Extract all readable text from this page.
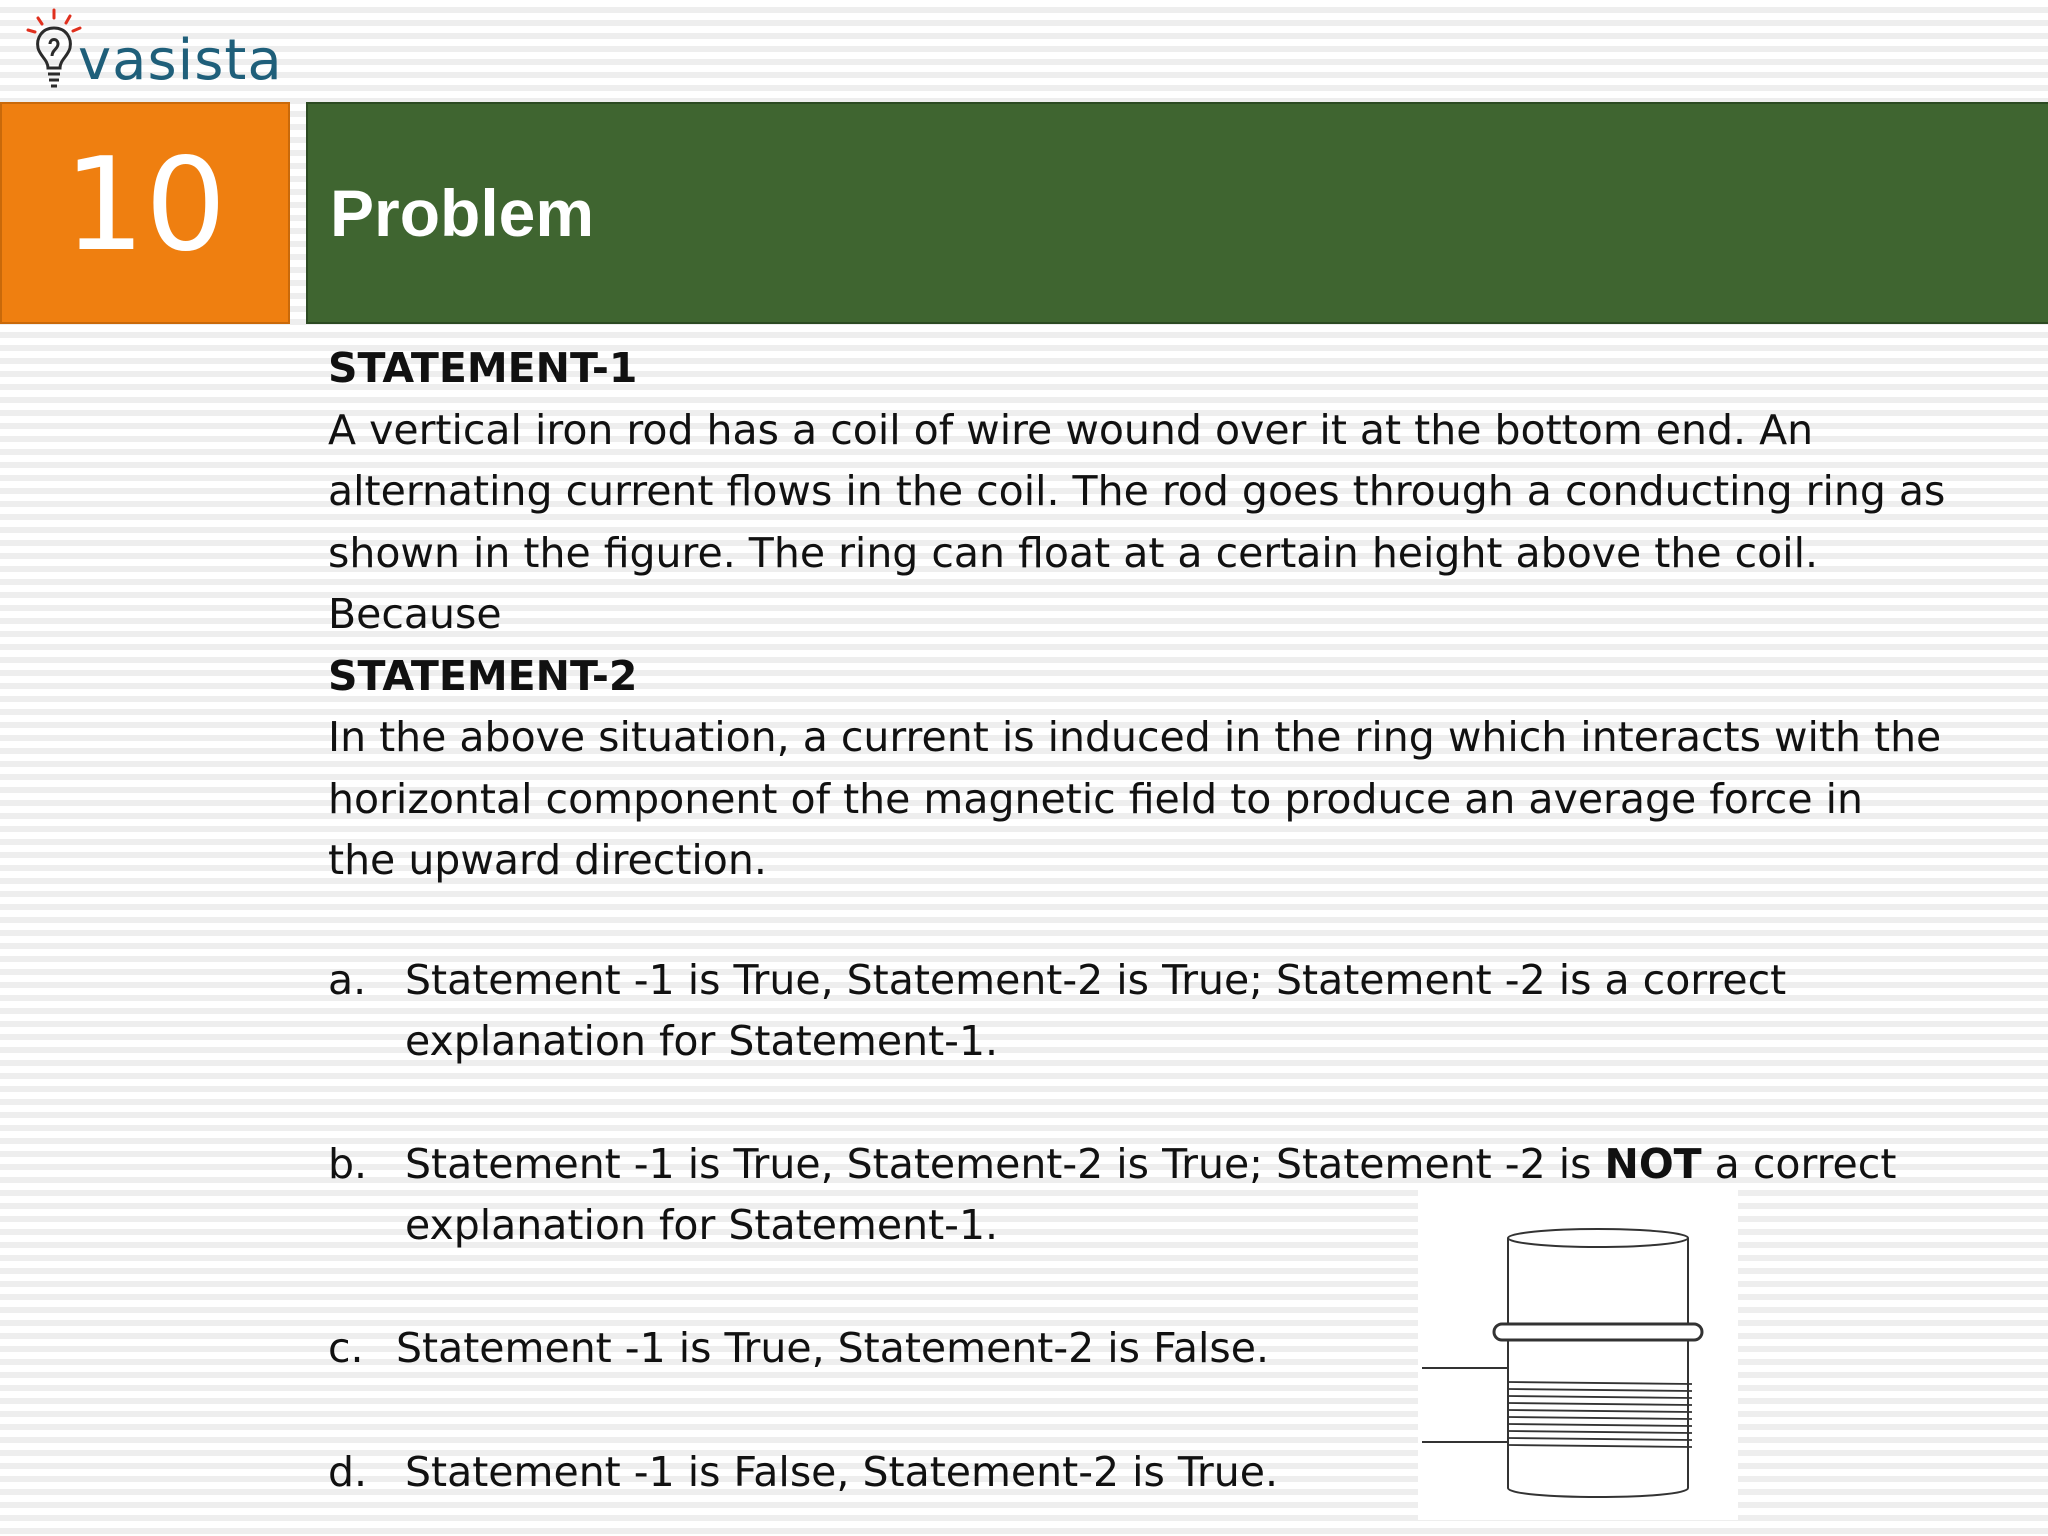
vasista
10	Problem

STATEMENT-1

A vertical iron rod has a coil of wire wound over it at the bottom end. An

alternating current flows in the coil. The rod goes through a conducting ring as

shown in the figure. The ring can float at a certain height above the coil.

Because

STATEMENT-2

In the above situation, a current is induced in the ring which interacts with the

horizontal component of the magnetic field to produce an average force in

the upward direction.

a. Statement -1 is True, Statement-2 is True; Statement -2 is a correct
explanation for Statement-1.
b. Statement -1 is True, Statement-2 is True; Statement -2 is NOT a correct
explanation for Statement-1.
c. Statement -1 is True, Statement-2 is False.
d. Statement -1 is False, Statement-2 is True.
